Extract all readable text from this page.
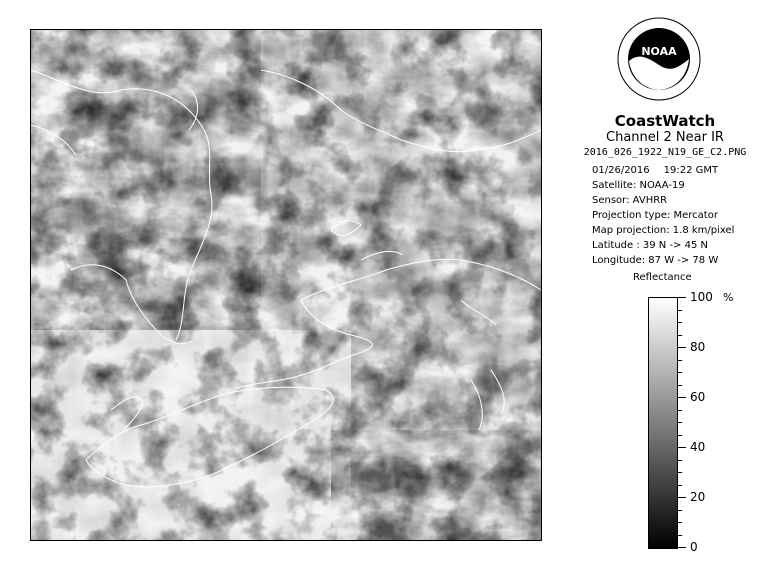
NOAA
CoastWatch
Channel 2 Near IR
2016_026_1922_N19_GE_C2.PNG
01/26/2016 19:22 GMT
Satellite: NOAA-19
Sensor: AVHRR
Projection type: Mercator
Map projection: 1.8 km/pixel
Latitude : 39 N -> 45 N
Longitude: 87 W -> 78 W
Reflectance
%
100
80
60
40
20
0
